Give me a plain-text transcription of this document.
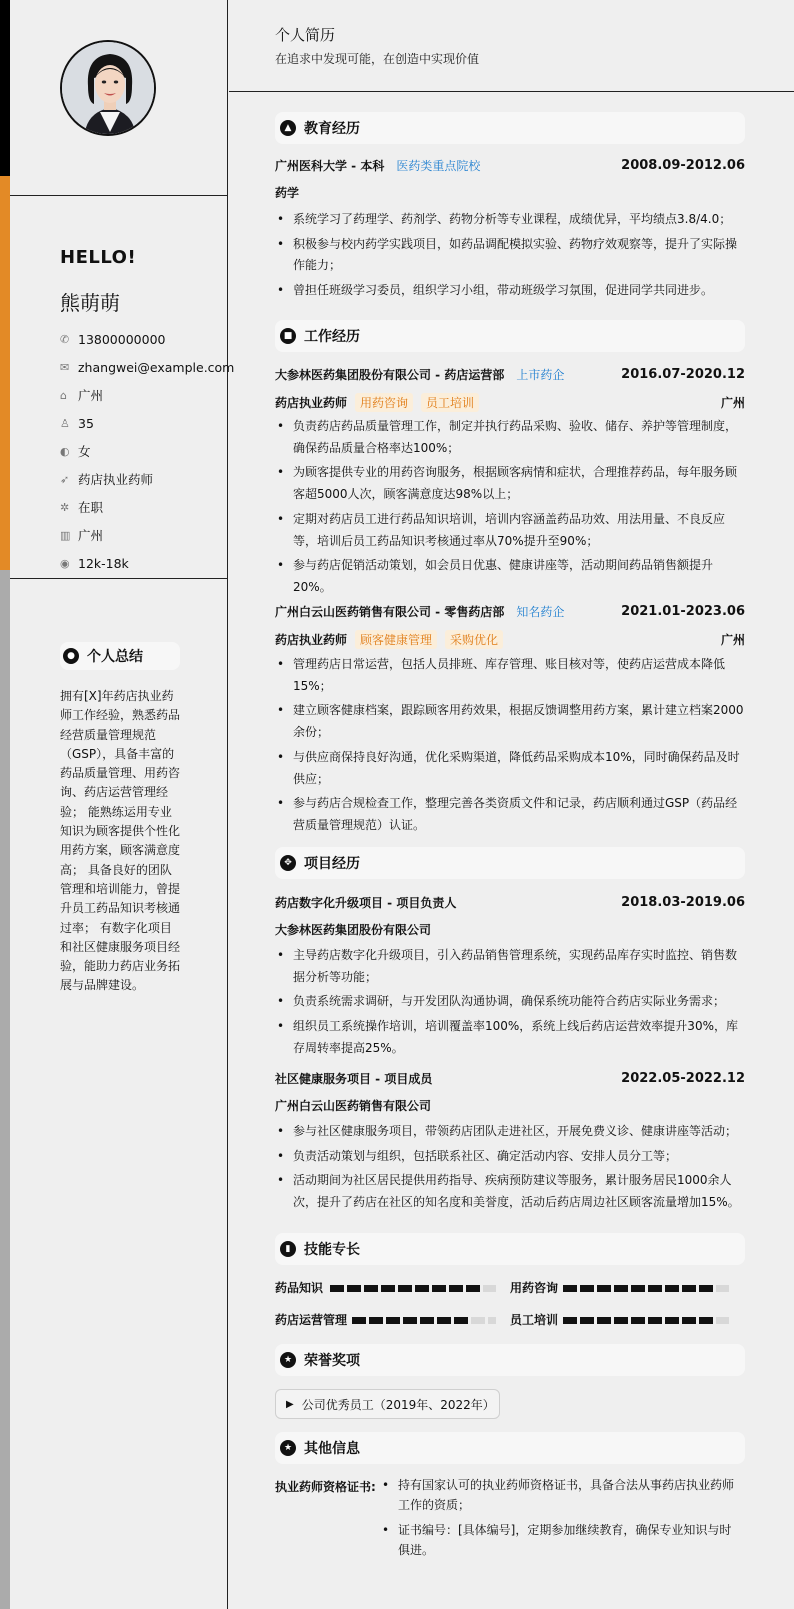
HELLO!
熊萌萌
✆ 13800000000
✉ zhangwei@example.com
⌂ 广州
♙ 35
◐ 女
➶ 药店执业药师
✲ 在职
▥ 广州
◉ 12k-18k
● 个人总结
拥有[X]年药店执业药师工作经验，熟悉药品经营质量管理规范（GSP），具备丰富的药品质量管理、用药咨询、药店运营管理经验； 能熟练运用专业知识为顾客提供个性化用药方案，顾客满意度高； 具备良好的团队管理和培训能力，曾提升员工药品知识考核通过率； 有数字化项目和社区健康服务项目经验，能助力药店业务拓展与品牌建设。
个人简历
在追求中发现可能，在创造中实现价值
▲ 教育经历
广州医科大学 - 本科 医药类重点院校	2008.09-2012.06
药学
• 系统学习了药理学、药剂学、药物分析等专业课程，成绩优异，平均绩点3.8/4.0；
• 积极参与校内药学实践项目，如药品调配模拟实验、药物疗效观察等，提升了实际操作能力；
• 曾担任班级学习委员，组织学习小组，带动班级学习氛围，促进同学共同进步。
■ 工作经历
大参林医药集团股份有限公司 - 药店运营部 上市药企	2016.07-2020.12
药店执业药师	用药咨询	员工培训	广州
• 负责药店药品质量管理工作，制定并执行药品采购、验收、储存、养护等管理制度，确保药品质量合格率达100%；
• 为顾客提供专业的用药咨询服务，根据顾客病情和症状，合理推荐药品，每年服务顾客超5000人次，顾客满意度达98%以上；
• 定期对药店员工进行药品知识培训，培训内容涵盖药品功效、用法用量、不良反应等，培训后员工药品知识考核通过率从70%提升至90%；
• 参与药店促销活动策划，如会员日优惠、健康讲座等，活动期间药品销售额提升20%。
广州白云山医药销售有限公司 - 零售药店部 知名药企	2021.01-2023.06
药店执业药师	顾客健康管理	采购优化	广州
• 管理药店日常运营，包括人员排班、库存管理、账目核对等，使药店运营成本降低15%；
• 建立顾客健康档案，跟踪顾客用药效果，根据反馈调整用药方案，累计建立档案2000余份；
• 与供应商保持良好沟通，优化采购渠道，降低药品采购成本10%，同时确保药品及时供应；
• 参与药店合规检查工作，整理完善各类资质文件和记录，药店顺利通过GSP（药品经营质量管理规范）认证。
✥ 项目经历
药店数字化升级项目 - 项目负责人	2018.03-2019.06
大参林医药集团股份有限公司
• 主导药店数字化升级项目，引入药品销售管理系统，实现药品库存实时监控、销售数据分析等功能；
• 负责系统需求调研，与开发团队沟通协调，确保系统功能符合药店实际业务需求；
• 组织员工系统操作培训，培训覆盖率100%，系统上线后药店运营效率提升30%，库存周转率提高25%。
社区健康服务项目 - 项目成员	2022.05-2022.12
广州白云山医药销售有限公司
• 参与社区健康服务项目，带领药店团队走进社区，开展免费义诊、健康讲座等活动；
• 负责活动策划与组织，包括联系社区、确定活动内容、安排人员分工等；
• 活动期间为社区居民提供用药指导、疾病预防建议等服务，累计服务居民1000余人次，提升了药店在社区的知名度和美誉度，活动后药店周边社区顾客流量增加15%。
▮ 技能专长
药品知识	用药咨询
药店运营管理	员工培训
★ 荣誉奖项
▶ 公司优秀员工（2019年、2022年）
★ 其他信息
执业药师资格证书:
•	持有国家认可的执业药师资格证书，具备合法从事药店执业药师工作的资质；
• 证书编号：[具体编号]，定期参加继续教育，确保专业知识与时俱进。
